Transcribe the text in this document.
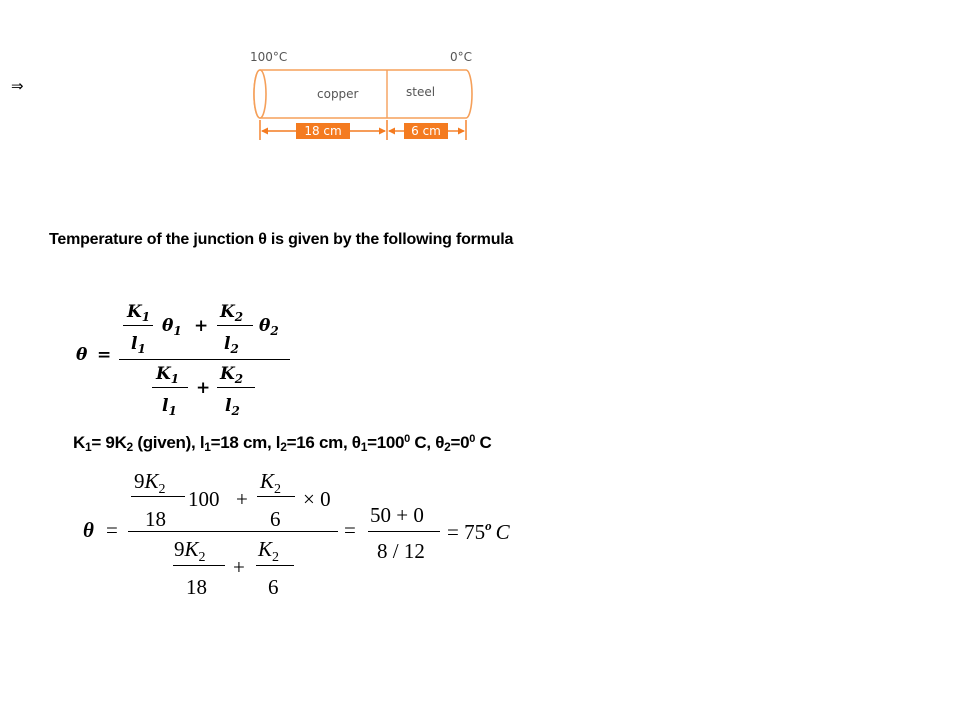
⇒
100°C	0°C
copper	steel
18 cm	6 cm
Temperature of the junction θ is given by the following formula
θ =
$K_1$
$l_1$
$\theta_1$ +
$K_2$
$l_2$
$\theta_2$
$K_1$
$l_1$
+
$K_2$
$l_2$
$K_1= 9K_2$ (given), $l_1=18$ cm, $l_2=16$ cm, $\theta_1=100^0$ C, $\theta_2=0^0$ C
θ =
$9K_2$
18
100 +
$K_2$
6
× 0
$9K_2$
18
+
$K_2$
6
=
50 + 0
8 / 12
= $75^o$ C
